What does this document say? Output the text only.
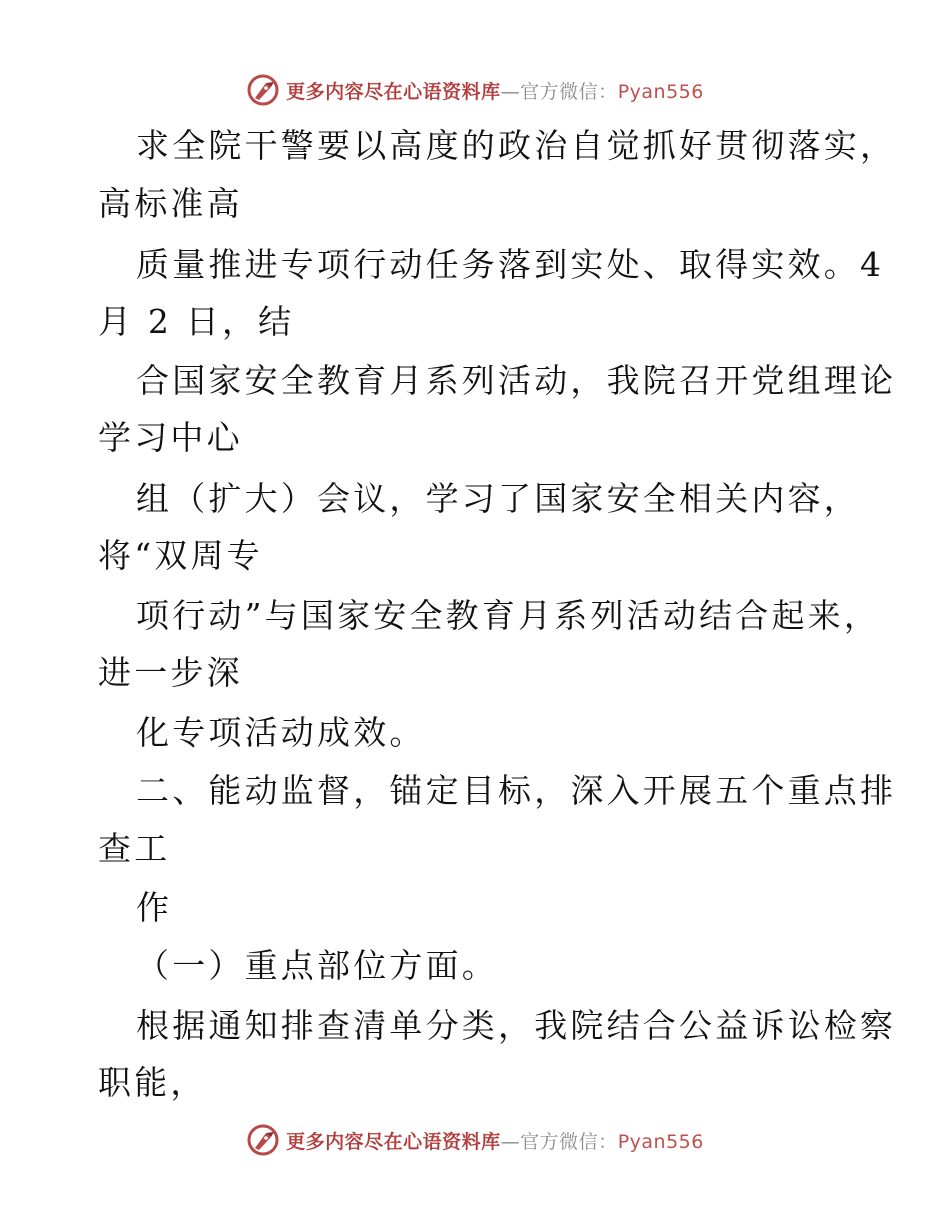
更多内容尽在心语资料库—官方微信：Pyan556
求全院干警要以高度的政治自觉抓好贯彻落实，
高标准高
质量推进专项行动任务落到实处、取得实效。4
月 2 日，结
合国家安全教育月系列活动，我院召开党组理论
学习中心
组（扩大）会议，学习了国家安全相关内容，
将“双周专
项行动”与国家安全教育月系列活动结合起来，
进一步深
化专项活动成效。
二、能动监督，锚定目标，深入开展五个重点排
查工
作
（一）重点部位方面。
根据通知排查清单分类，我院结合公益诉讼检察
职能，
更多内容尽在心语资料库—官方微信：Pyan556
